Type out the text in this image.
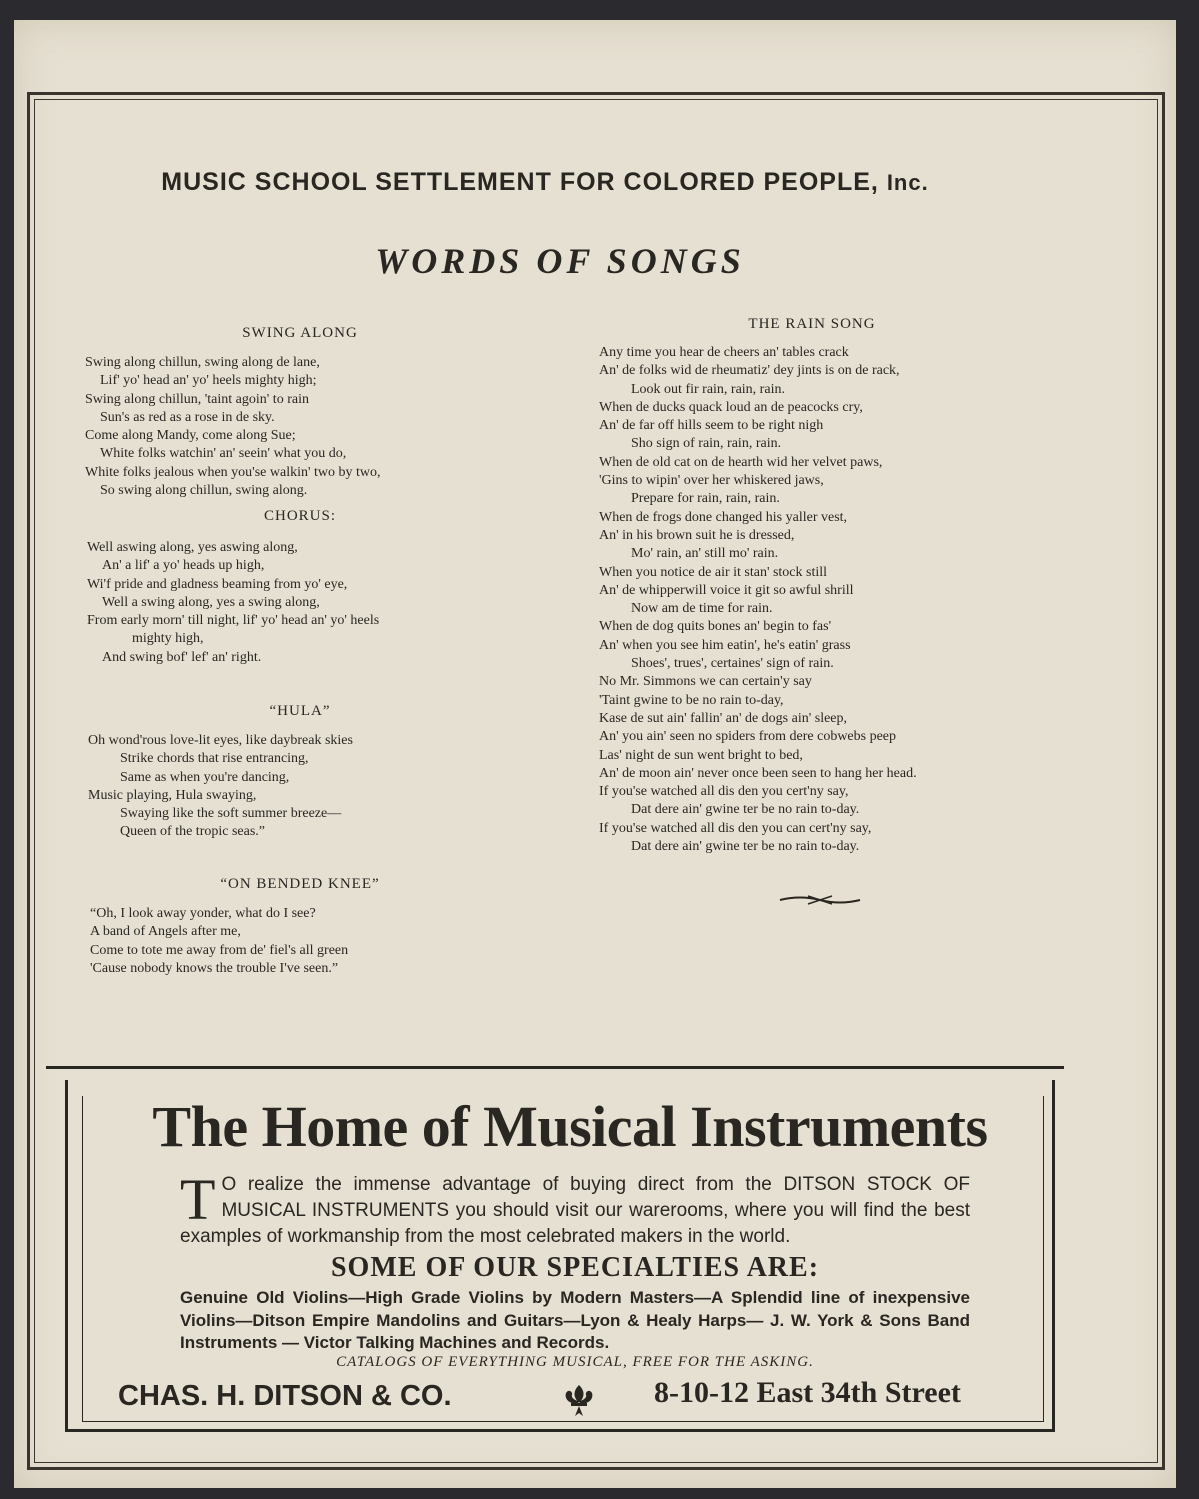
MUSIC SCHOOL SETTLEMENT FOR COLORED PEOPLE, Inc.
WORDS OF SONGS
SWING ALONG
Swing along chillun, swing along de lane,
Lif' yo' head an' yo' heels mighty high;
Swing along chillun, 'taint agoin' to rain
Sun's as red as a rose in de sky.
Come along Mandy, come along Sue;
White folks watchin' an' seein' what you do,
White folks jealous when you'se walkin' two by two,
So swing along chillun, swing along.
CHORUS:
Well aswing along, yes aswing along,
An' a lif' a yo' heads up high,
Wi'f pride and gladness beaming from yo' eye,
Well a swing along, yes a swing along,
From early morn' till night, lif' yo' head an' yo' heels
mighty high,
And swing bof' lef' an' right.
“HULA”
Oh wond'rous love-lit eyes, like daybreak skies
Strike chords that rise entrancing,
Same as when you're dancing,
Music playing, Hula swaying,
Swaying like the soft summer breeze—
Queen of the tropic seas.”
“ON BENDED KNEE”
“Oh, I look away yonder, what do I see?
A band of Angels after me,
Come to tote me away from de' fiel's all green
'Cause nobody knows the trouble I've seen.”
THE RAIN SONG
Any time you hear de cheers an' tables crack
An' de folks wid de rheumatiz' dey jints is on de rack,
Look out fir rain, rain, rain.
When de ducks quack loud an de peacocks cry,
An' de far off hills seem to be right nigh
Sho sign of rain, rain, rain.
When de old cat on de hearth wid her velvet paws,
'Gins to wipin' over her whiskered jaws,
Prepare for rain, rain, rain.
When de frogs done changed his yaller vest,
An' in his brown suit he is dressed,
Mo' rain, an' still mo' rain.
When you notice de air it stan' stock still
An' de whipperwill voice it git so awful shrill
Now am de time for rain.
When de dog quits bones an' begin to fas'
An' when you see him eatin', he's eatin' grass
Shoes', trues', certaines' sign of rain.
No Mr. Simmons we can certain'y say
'Taint gwine to be no rain to-day,
Kase de sut ain' fallin' an' de dogs ain' sleep,
An' you ain' seen no spiders from dere cobwebs peep
Las' night de sun went bright to bed,
An' de moon ain' never once been seen to hang her head.
If you'se watched all dis den you cert'ny say,
Dat dere ain' gwine ter be no rain to-day.
If you'se watched all dis den you can cert'ny say,
Dat dere ain' gwine ter be no rain to-day.
The Home of Musical Instruments
T O realize the immense advantage of buying direct from the DITSON STOCK OF MUSICAL INSTRUMENTS you should visit our warerooms, where you will find the best examples of workmanship from the most celebrated makers in the world.
SOME OF OUR SPECIALTIES ARE:
Genuine Old Violins—High Grade Violins by Modern Masters—A Splendid line of inexpensive Violins—Ditson Empire Mandolins and Guitars—Lyon & Healy Harps— J. W. York & Sons Band Instruments — Victor Talking Machines and Records.
CATALOGS OF EVERYTHING MUSICAL, FREE FOR THE ASKING.
CHAS. H. DITSON & CO.	8-10-12 East 34th Street
